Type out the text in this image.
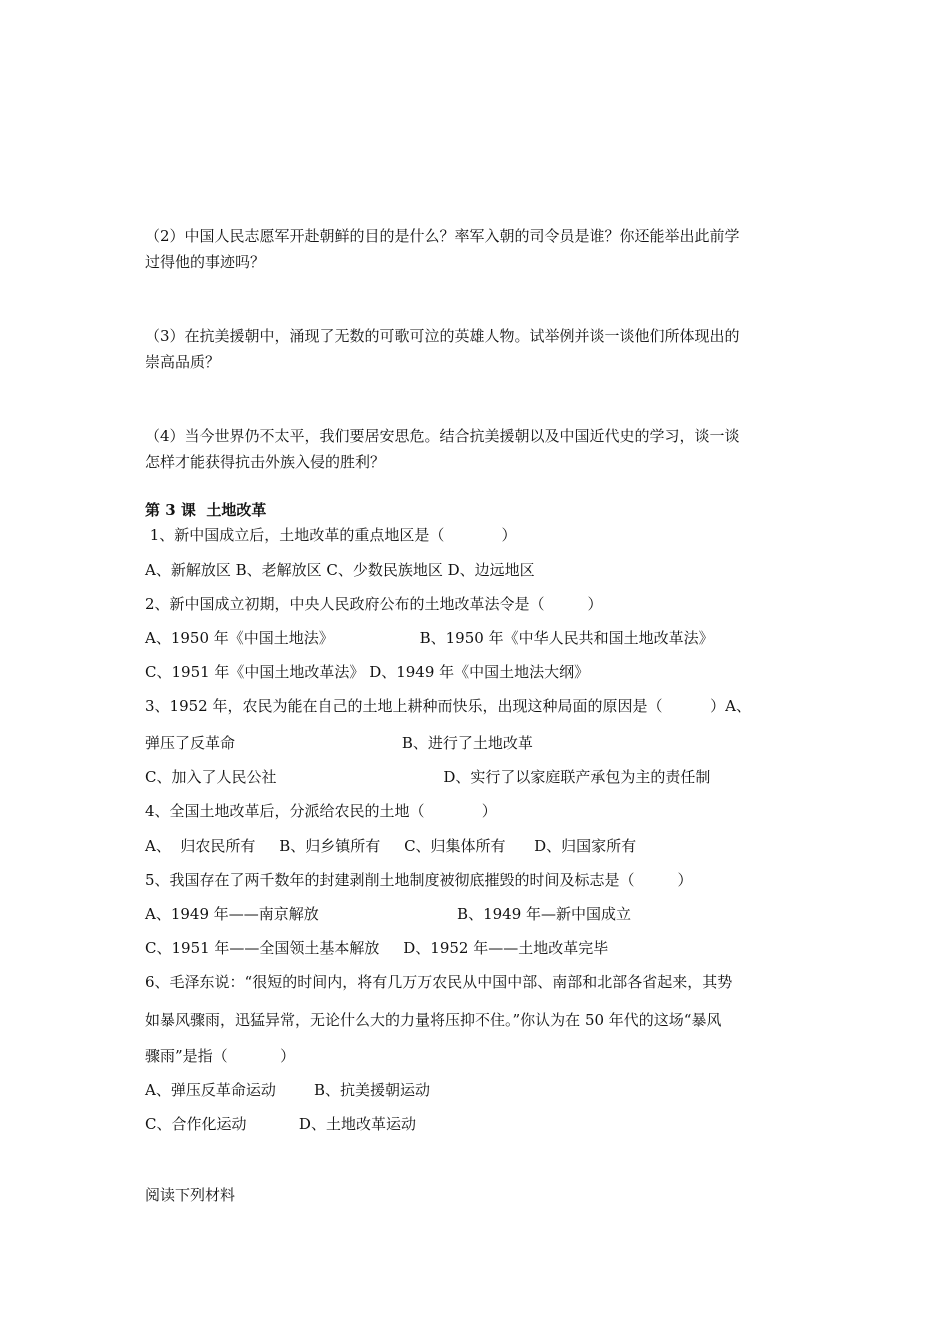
（2）中国人民志愿军开赴朝鲜的目的是什么？率军入朝的司令员是谁？你还能举出此前学
过得他的事迹吗？
（3）在抗美援朝中，涌现了无数的可歌可泣的英雄人物。试举例并谈一谈他们所体现出的
崇高品质？
（4）当今世界仍不太平，我们要居安思危。结合抗美援朝以及中国近代史的学习，谈一谈
怎样才能获得抗击外族入侵的胜利？
第 3 课  土地改革
1、新中国成立后，土地改革的重点地区是（            ）
A、新解放区 B、老解放区 C、少数民族地区 D、边远地区
2、新中国成立初期，中央人民政府公布的土地改革法令是（         ）
A、1950 年《中国土地法》                  B、1950 年《中华人民共和国土地改革法》
C、1951 年《中国土地改革法》 D、1949 年《中国土地法大纲》
3、1952 年，农民为能在自己的土地上耕种而快乐，出现这种局面的原因是（          ）A、
弹压了反革命                                   B、进行了土地改革
C、加入了人民公社                                   D、实行了以家庭联产承包为主的责任制
4、全国土地改革后，分派给农民的土地（            ）
A、  归农民所有     B、归乡镇所有     C、归集体所有      D、归国家所有
5、我国存在了两千数年的封建剥削土地制度被彻底摧毁的时间及标志是（         ）
A、1949 年——南京解放                             B、1949 年—新中国成立
C、1951 年——全国领土基本解放     D、1952 年——土地改革完毕
6、毛泽东说：“很短的时间内，将有几万万农民从中国中部、南部和北部各省起来，其势
如暴风骤雨，迅猛异常，无论什么大的力量将压抑不住。”你认为在 50 年代的这场“暴风
骤雨”是指（           ）
A、弹压反革命运动        B、抗美援朝运动
C、合作化运动           D、土地改革运动
阅读下列材料
